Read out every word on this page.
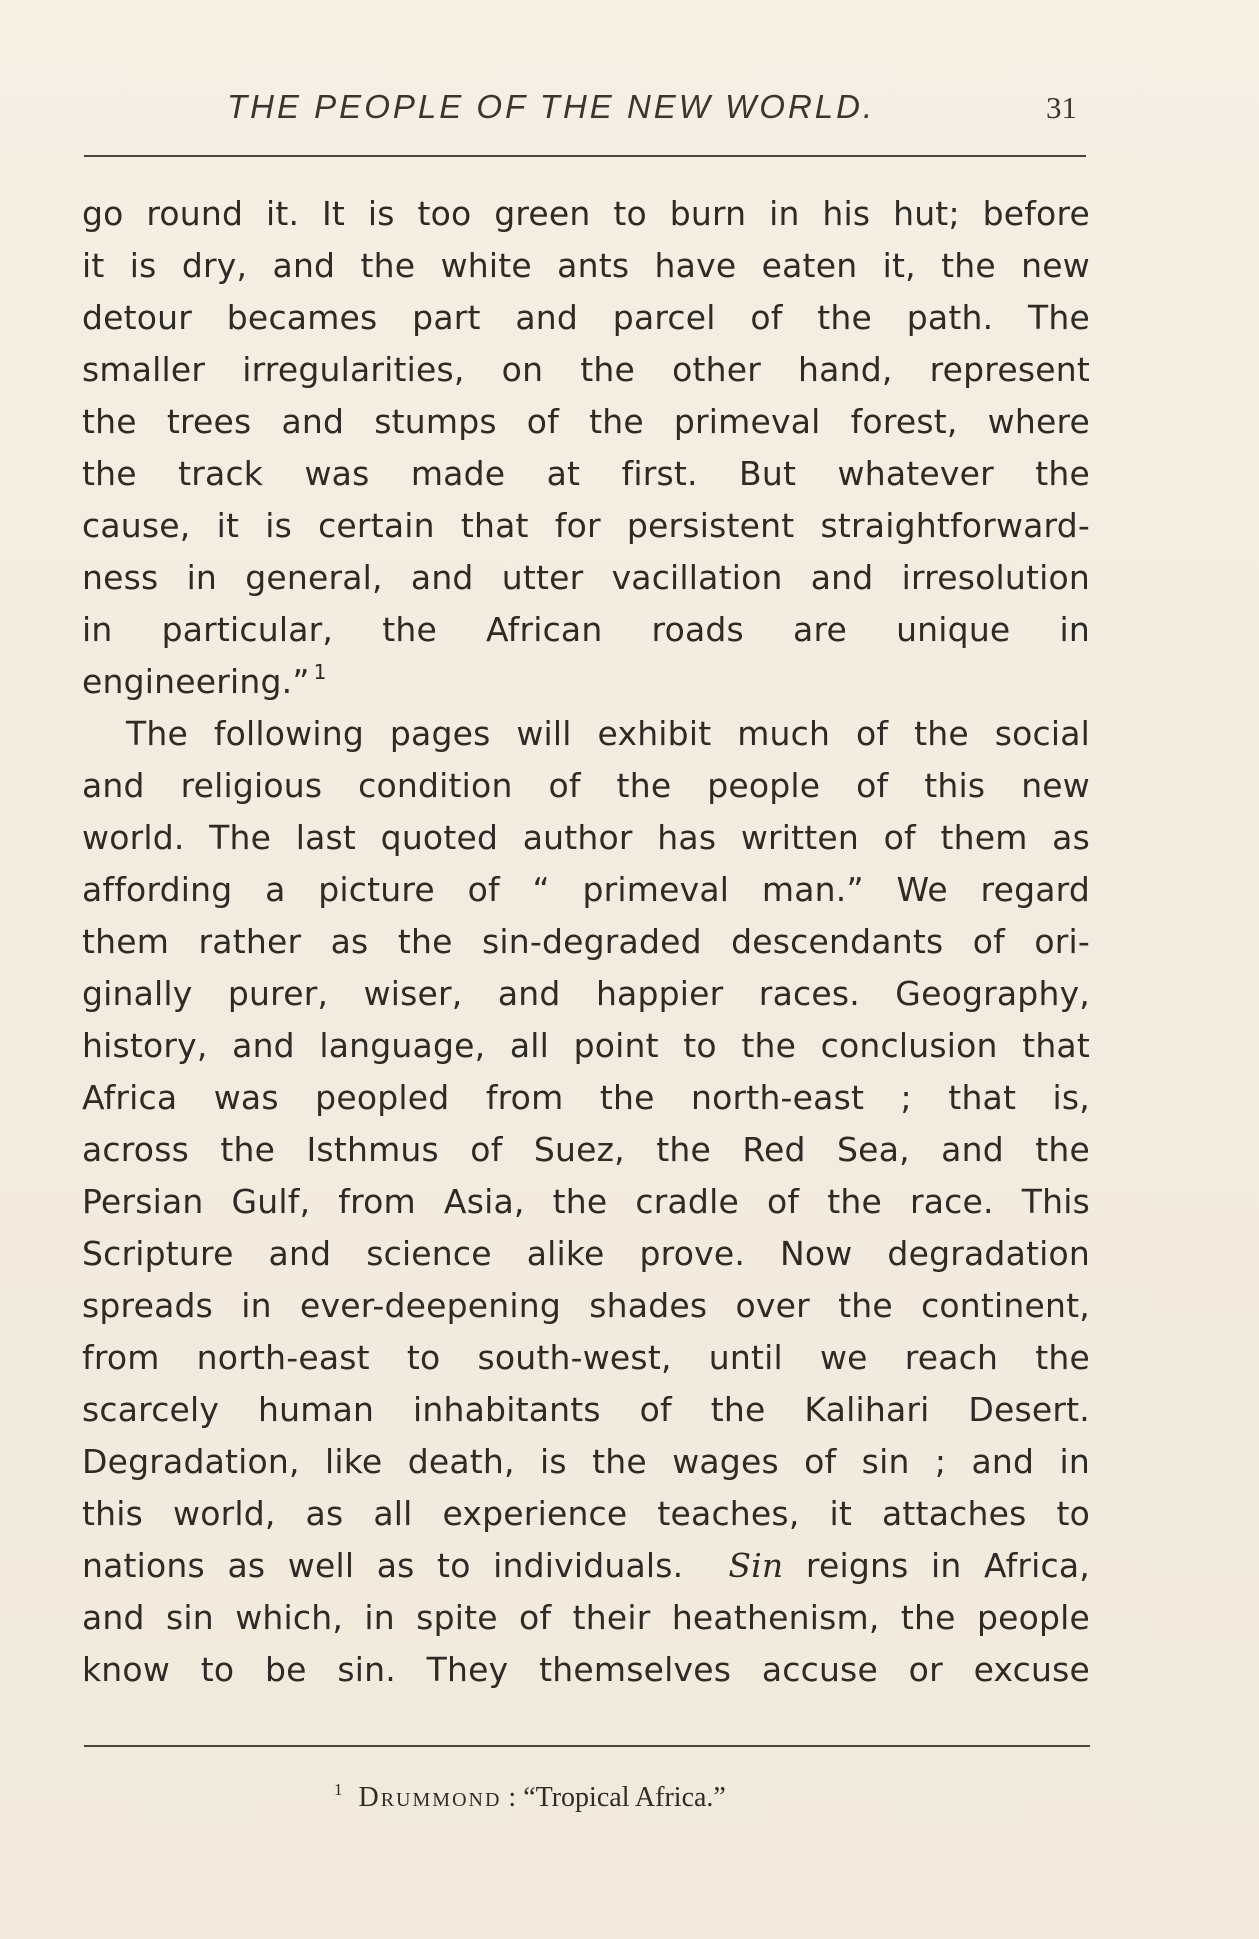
THE PEOPLE OF THE NEW WORLD.	31
go round it. It is too green to burn in his hut; before
it is dry, and the white ants have eaten it, the new
detour becames part and parcel of the path. The
smaller irregularities, on the other hand, represent
the trees and stumps of the primeval forest, where
the track was made at first. But whatever the
cause, it is certain that for persistent straightforward-
ness in general, and utter vacillation and irresolution
in particular, the African roads are unique in
engineering.” $^1$
The following pages will exhibit much of the social
and religious condition of the people of this new
world. The last quoted author has written of them as
affording a picture of “ primeval man.” We regard
them rather as the sin-degraded descendants of ori-
ginally purer, wiser, and happier races. Geography,
history, and language, all point to the conclusion that
Africa was peopled from the north-east ; that is,
across the Isthmus of Suez, the Red Sea, and the
Persian Gulf, from Asia, the cradle of the race. This
Scripture and science alike prove. Now degradation
spreads in ever-deepening shades over the continent,
from north-east to south-west, until we reach the
scarcely human inhabitants of the Kalihari Desert.
Degradation, like death, is the wages of sin ; and in
this world, as all experience teaches, it attaches to
nations as well as to individuals. Sin reigns in Africa,
and sin which, in spite of their heathenism, the people
know to be sin. They themselves accuse or excuse
$^1$ Drummond : “Tropical Africa.”
